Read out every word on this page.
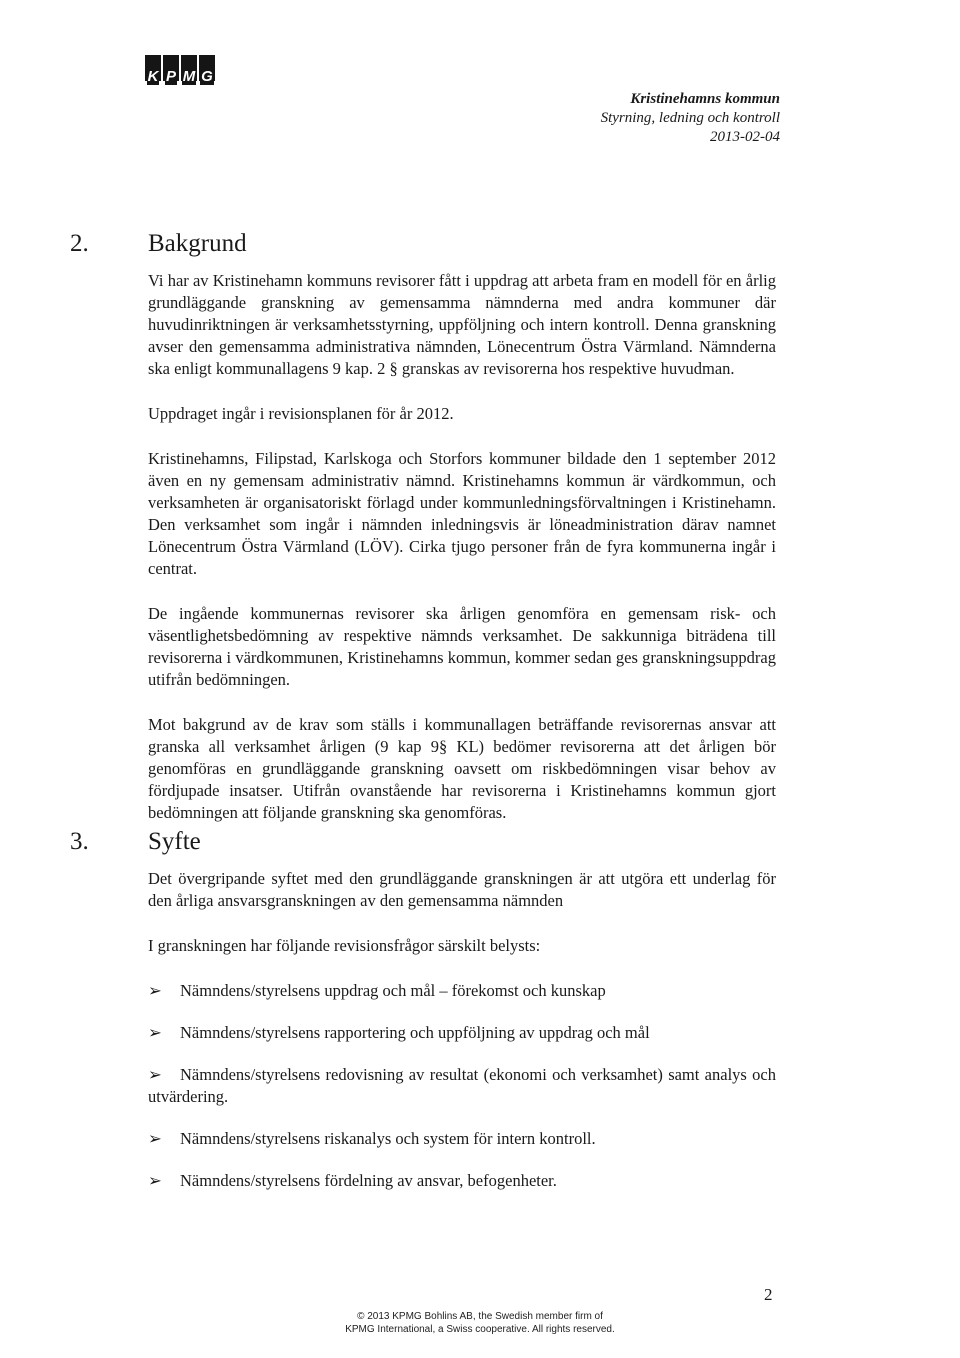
K P M G
Kristinehamns kommun
Styrning, ledning och kontroll
2013-02-04
2.	Bakgrund

Vi har av Kristinehamn kommuns revisorer fått i uppdrag att arbeta fram en modell för en årlig grundläggande granskning av gemensamma nämnderna med andra kommuner där huvudinriktningen är verksamhetsstyrning, uppföljning och intern kontroll. Denna granskning avser den gemensamma administrativa nämnden, Lönecentrum Östra Värmland. Nämnderna ska enligt kommunallagens 9 kap. 2 § granskas av revisorerna hos respektive huvudman.

Uppdraget ingår i revisionsplanen för år 2012.

Kristinehamns, Filipstad, Karlskoga och Storfors kommuner bildade den 1 september 2012 även en ny gemensam administrativ nämnd. Kristinehamns kommun är värdkommun, och verksamheten är organisatoriskt förlagd under kommunledningsförvaltningen i Kristinehamn. Den verksamhet som ingår i nämnden inledningsvis är löneadministration därav namnet Lönecentrum Östra Värmland (LÖV). Cirka tjugo personer från de fyra kommunerna ingår i centrat.

De ingående kommunernas revisorer ska årligen genomföra en gemensam risk- och väsentlighetsbedömning av respektive nämnds verksamhet. De sakkunniga biträdena till revisorerna i värdkommunen, Kristinehamns kommun, kommer sedan ges granskningsuppdrag utifrån bedömningen.

Mot bakgrund av de krav som ställs i kommunallagen beträffande revisorernas ansvar att granska all verksamhet årligen (9 kap 9§ KL) bedömer revisorerna att det årligen bör genomföras en grundläggande granskning oavsett om riskbedömningen visar behov av fördjupade insatser. Utifrån ovanstående har revisorerna i Kristinehamns kommun gjort bedömningen att följande granskning ska genomföras.

3.	Syfte

Det övergripande syftet med den grundläggande granskningen är att utgöra ett underlag för den årliga ansvarsgranskningen av den gemensamma nämnden

I granskningen har följande revisionsfrågor särskilt belysts:

➢ Nämndens/styrelsens uppdrag och mål – förekomst och kunskap
➢ Nämndens/styrelsens rapportering och uppföljning av uppdrag och mål
➢ Nämndens/styrelsens redovisning av resultat (ekonomi och verksamhet) samt analys och utvärdering.
➢ Nämndens/styrelsens riskanalys och system för intern kontroll.
➢ Nämndens/styrelsens fördelning av ansvar, befogenheter.
2
© 2013 KPMG Bohlins AB, the Swedish member firm of
KPMG International, a Swiss cooperative. All rights reserved.
